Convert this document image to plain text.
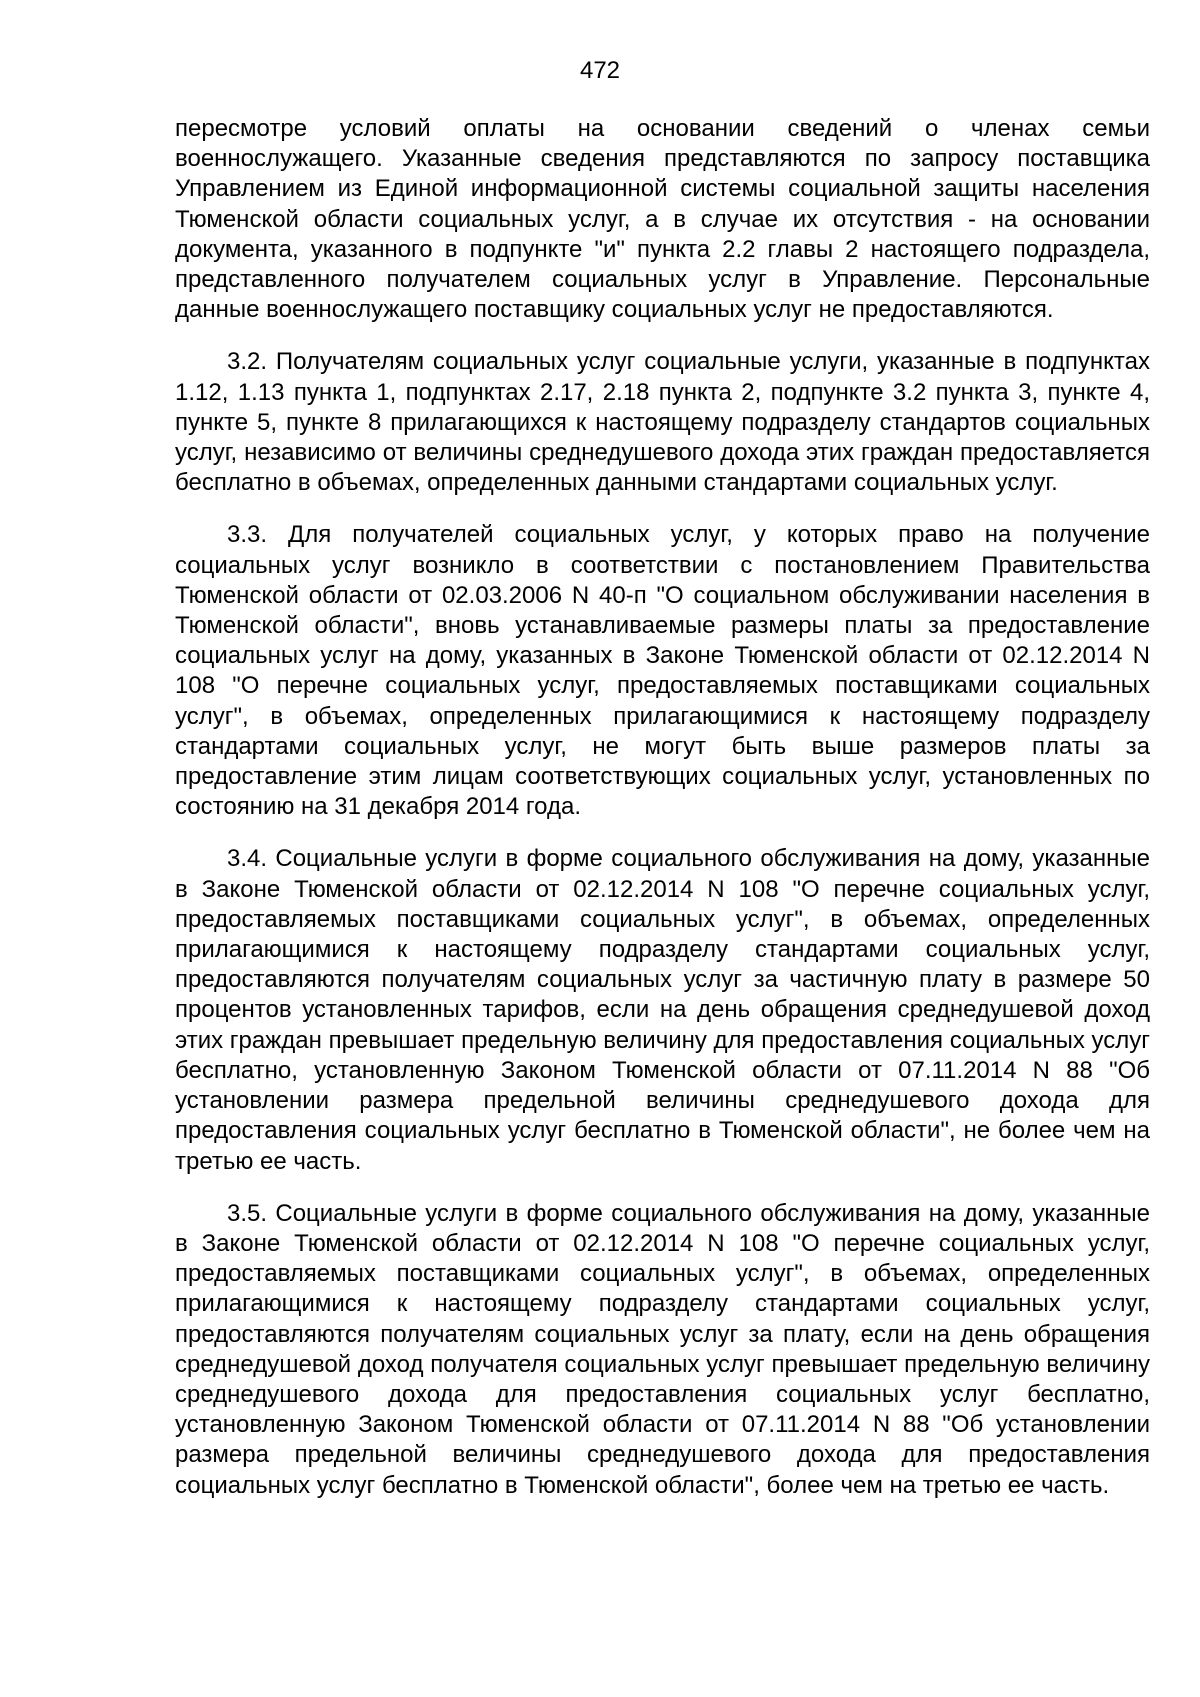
472

пересмотре условий оплаты на основании сведений о членах семьи военнослужащего. Указанные сведения представляются по запросу поставщика Управлением из Единой информационной системы социальной защиты населения Тюменской области социальных услуг, а в случае их отсутствия - на основании документа, указанного в подпункте "и" пункта 2.2 главы 2 настоящего подраздела, представленного получателем социальных услуг в Управление. Персональные данные военнослужащего поставщику социальных услуг не предоставляются.

3.2. Получателям социальных услуг социальные услуги, указанные в подпунктах 1.12, 1.13 пункта 1, подпунктах 2.17, 2.18 пункта 2, подпункте 3.2 пункта 3, пункте 4, пункте 5, пункте 8 прилагающихся к настоящему подразделу стандартов социальных услуг, независимо от величины среднедушевого дохода этих граждан предоставляется бесплатно в объемах, определенных данными стандартами социальных услуг.

3.3. Для получателей социальных услуг, у которых право на получение социальных услуг возникло в соответствии с постановлением Правительства Тюменской области от 02.03.2006 N 40-п "О социальном обслуживании населения в Тюменской области", вновь устанавливаемые размеры платы за предоставление социальных услуг на дому, указанных в Законе Тюменской области от 02.12.2014 N 108 "О перечне социальных услуг, предоставляемых поставщиками социальных услуг", в объемах, определенных прилагающимися к настоящему подразделу стандартами социальных услуг, не могут быть выше размеров платы за предоставление этим лицам соответствующих социальных услуг, установленных по состоянию на 31 декабря 2014 года.

3.4. Социальные услуги в форме социального обслуживания на дому, указанные в Законе Тюменской области от 02.12.2014 N 108 "О перечне социальных услуг, предоставляемых поставщиками социальных услуг", в объемах, определенных прилагающимися к настоящему подразделу стандартами социальных услуг, предоставляются получателям социальных услуг за частичную плату в размере 50 процентов установленных тарифов, если на день обращения среднедушевой доход этих граждан превышает предельную величину для предоставления социальных услуг бесплатно, установленную Законом Тюменской области от 07.11.2014 N 88 "Об установлении размера предельной величины среднедушевого дохода для предоставления социальных услуг бесплатно в Тюменской области", не более чем на третью ее часть.

3.5. Социальные услуги в форме социального обслуживания на дому, указанные в Законе Тюменской области от 02.12.2014 N 108 "О перечне социальных услуг, предоставляемых поставщиками социальных услуг", в объемах, определенных прилагающимися к настоящему подразделу стандартами социальных услуг, предоставляются получателям социальных услуг за плату, если на день обращения среднедушевой доход получателя социальных услуг превышает предельную величину среднедушевого дохода для предоставления социальных услуг бесплатно, установленную Законом Тюменской области от 07.11.2014 N 88 "Об установлении размера предельной величины среднедушевого дохода для предоставления социальных услуг бесплатно в Тюменской области", более чем на третью ее часть.
